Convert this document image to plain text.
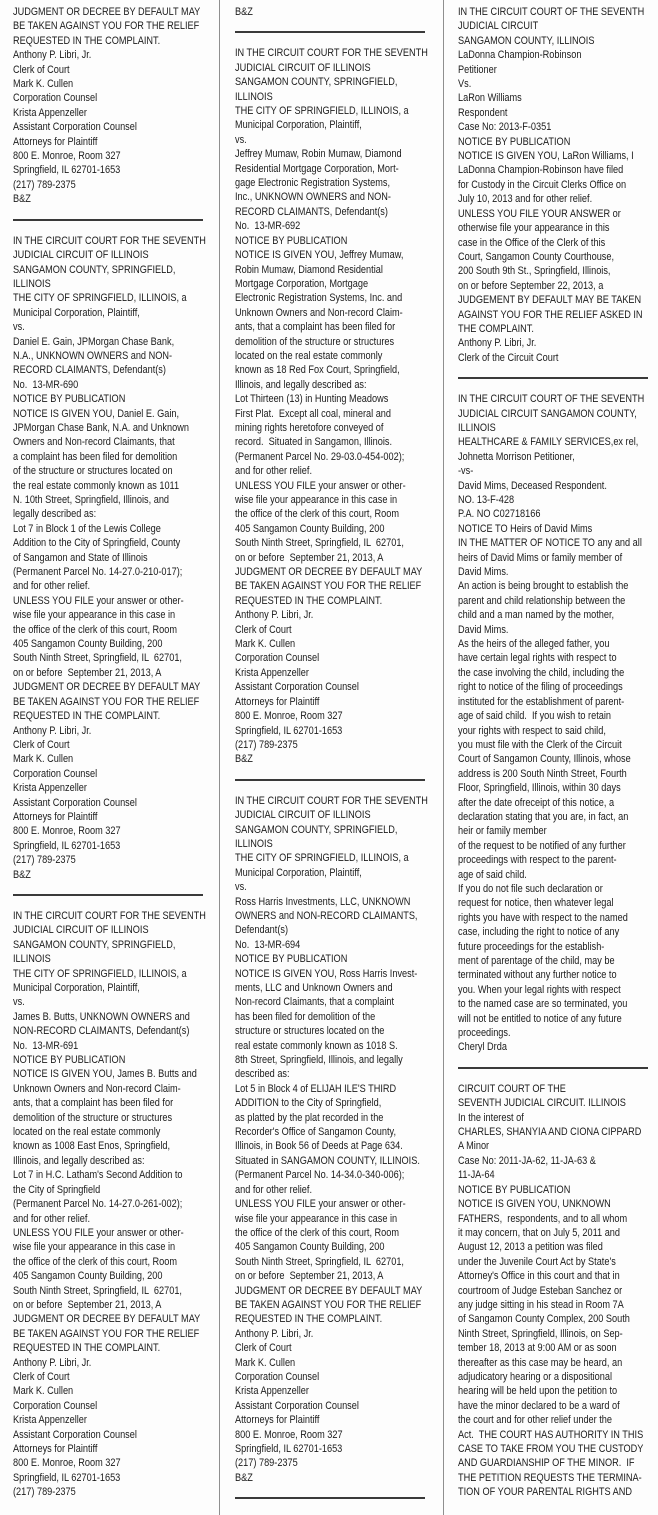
JUDGMENT OR DECREE BY DEFAULT MAY
BE TAKEN AGAINST YOU FOR THE RELIEF
REQUESTED IN THE COMPLAINT.
Anthony P. Libri, Jr.
Clerk of Court
Mark K. Cullen
Corporation Counsel
Krista Appenzeller
Assistant Corporation Counsel
Attorneys for Plaintiff
800 E. Monroe, Room 327
Springfield, IL 62701-1653
(217) 789-2375
B&Z
IN THE CIRCUIT COURT FOR THE SEVENTH
JUDICIAL CIRCUIT OF ILLINOIS
SANGAMON COUNTY, SPRINGFIELD,
ILLINOIS
THE CITY OF SPRINGFIELD, ILLINOIS, a
Municipal Corporation, Plaintiff,
vs.
Daniel E. Gain, JPMorgan Chase Bank,
N.A., UNKNOWN OWNERS and NON-
RECORD CLAIMANTS, Defendant(s)
No.  13-MR-690
NOTICE BY PUBLICATION
NOTICE IS GIVEN YOU, Daniel E. Gain,
JPMorgan Chase Bank, N.A. and Unknown
Owners and Non-record Claimants, that
a complaint has been filed for demolition
of the structure or structures located on
the real estate commonly known as 1011
N. 10th Street, Springfield, Illinois, and
legally described as:
Lot 7 in Block 1 of the Lewis College
Addition to the City of Springfield, County
of Sangamon and State of Illinois
(Permanent Parcel No. 14-27.0-210-017);
and for other relief.
UNLESS YOU FILE your answer or other-
wise file your appearance in this case in
the office of the clerk of this court, Room
405 Sangamon County Building, 200
South Ninth Street, Springfield, IL  62701,
on or before  September 21, 2013, A
JUDGMENT OR DECREE BY DEFAULT MAY
BE TAKEN AGAINST YOU FOR THE RELIEF
REQUESTED IN THE COMPLAINT.
Anthony P. Libri, Jr.
Clerk of Court
Mark K. Cullen
Corporation Counsel
Krista Appenzeller
Assistant Corporation Counsel
Attorneys for Plaintiff
800 E. Monroe, Room 327
Springfield, IL 62701-1653
(217) 789-2375
B&Z
IN THE CIRCUIT COURT FOR THE SEVENTH
JUDICIAL CIRCUIT OF ILLINOIS
SANGAMON COUNTY, SPRINGFIELD,
ILLINOIS
THE CITY OF SPRINGFIELD, ILLINOIS, a
Municipal Corporation, Plaintiff,
vs.
James B. Butts, UNKNOWN OWNERS and
NON-RECORD CLAIMANTS, Defendant(s)
No.  13-MR-691
NOTICE BY PUBLICATION
NOTICE IS GIVEN YOU, James B. Butts and
Unknown Owners and Non-record Claim-
ants, that a complaint has been filed for
demolition of the structure or structures
located on the real estate commonly
known as 1008 East Enos, Springfield,
Illinois, and legally described as:
Lot 7 in H.C. Latham's Second Addition to
the City of Springfield
(Permanent Parcel No. 14-27.0-261-002);
and for other relief.
UNLESS YOU FILE your answer or other-
wise file your appearance in this case in
the office of the clerk of this court, Room
405 Sangamon County Building, 200
South Ninth Street, Springfield, IL  62701,
on or before  September 21, 2013, A
JUDGMENT OR DECREE BY DEFAULT MAY
BE TAKEN AGAINST YOU FOR THE RELIEF
REQUESTED IN THE COMPLAINT.
Anthony P. Libri, Jr.
Clerk of Court
Mark K. Cullen
Corporation Counsel
Krista Appenzeller
Assistant Corporation Counsel
Attorneys for Plaintiff
800 E. Monroe, Room 327
Springfield, IL 62701-1653
(217) 789-2375
B&Z
IN THE CIRCUIT COURT FOR THE SEVENTH
JUDICIAL CIRCUIT OF ILLINOIS
SANGAMON COUNTY, SPRINGFIELD,
ILLINOIS
THE CITY OF SPRINGFIELD, ILLINOIS, a
Municipal Corporation, Plaintiff,
vs.
Jeffrey Mumaw, Robin Mumaw, Diamond
Residential Mortgage Corporation, Mort-
gage Electronic Registration Systems,
Inc., UNKNOWN OWNERS and NON-
RECORD CLAIMANTS, Defendant(s)
No.  13-MR-692
NOTICE BY PUBLICATION
NOTICE IS GIVEN YOU, Jeffrey Mumaw,
Robin Mumaw, Diamond Residential
Mortgage Corporation, Mortgage
Electronic Registration Systems, Inc. and
Unknown Owners and Non-record Claim-
ants, that a complaint has been filed for
demolition of the structure or structures
located on the real estate commonly
known as 18 Red Fox Court, Springfield,
Illinois, and legally described as:
Lot Thirteen (13) in Hunting Meadows
First Plat.  Except all coal, mineral and
mining rights heretofore conveyed of
record.  Situated in Sangamon, Illinois.
(Permanent Parcel No. 29-03.0-454-002);
and for other relief.
UNLESS YOU FILE your answer or other-
wise file your appearance in this case in
the office of the clerk of this court, Room
405 Sangamon County Building, 200
South Ninth Street, Springfield, IL  62701,
on or before  September 21, 2013, A
JUDGMENT OR DECREE BY DEFAULT MAY
BE TAKEN AGAINST YOU FOR THE RELIEF
REQUESTED IN THE COMPLAINT.
Anthony P. Libri, Jr.
Clerk of Court
Mark K. Cullen
Corporation Counsel
Krista Appenzeller
Assistant Corporation Counsel
Attorneys for Plaintiff
800 E. Monroe, Room 327
Springfield, IL 62701-1653
(217) 789-2375
B&Z
IN THE CIRCUIT COURT FOR THE SEVENTH
JUDICIAL CIRCUIT OF ILLINOIS
SANGAMON COUNTY, SPRINGFIELD,
ILLINOIS
THE CITY OF SPRINGFIELD, ILLINOIS, a
Municipal Corporation, Plaintiff,
vs.
Ross Harris Investments, LLC, UNKNOWN
OWNERS and NON-RECORD CLAIMANTS,
Defendant(s)
No.  13-MR-694
NOTICE BY PUBLICATION
NOTICE IS GIVEN YOU, Ross Harris Invest-
ments, LLC and Unknown Owners and
Non-record Claimants, that a complaint
has been filed for demolition of the
structure or structures located on the
real estate commonly known as 1018 S.
8th Street, Springfield, Illinois, and legally
described as:
Lot 5 in Block 4 of ELIJAH ILE'S THIRD
ADDITION to the City of Springfield,
as platted by the plat recorded in the
Recorder's Office of Sangamon County,
Illinois, in Book 56 of Deeds at Page 634.
Situated in SANGAMON COUNTY, ILLINOIS.
(Permanent Parcel No. 14-34.0-340-006);
and for other relief.
UNLESS YOU FILE your answer or other-
wise file your appearance in this case in
the office of the clerk of this court, Room
405 Sangamon County Building, 200
South Ninth Street, Springfield, IL  62701,
on or before  September 21, 2013, A
JUDGMENT OR DECREE BY DEFAULT MAY
BE TAKEN AGAINST YOU FOR THE RELIEF
REQUESTED IN THE COMPLAINT.
Anthony P. Libri, Jr.
Clerk of Court
Mark K. Cullen
Corporation Counsel
Krista Appenzeller
Assistant Corporation Counsel
Attorneys for Plaintiff
800 E. Monroe, Room 327
Springfield, IL 62701-1653
(217) 789-2375
B&Z
IN THE CIRCUIT COURT OF THE SEVENTH
JUDICIAL CIRCUIT
SANGAMON COUNTY, ILLINOIS
LaDonna Champion-Robinson
Petitioner
Vs.
LaRon Williams
Respondent
Case No: 2013-F-0351
NOTICE BY PUBLICATION
NOTICE IS GIVEN YOU, LaRon Williams, I
LaDonna Champion-Robinson have filed
for Custody in the Circuit Clerks Office on
July 10, 2013 and for other relief.
UNLESS YOU FILE YOUR ANSWER or
otherwise file your appearance in this
case in the Office of the Clerk of this
Court, Sangamon County Courthouse,
200 South 9th St., Springfield, Illinois,
on or before September 22, 2013, a
JUDGEMENT BY DEFAULT MAY BE TAKEN
AGAINST YOU FOR THE RELIEF ASKED IN
THE COMPLAINT.
Anthony P. Libri, Jr.
Clerk of the Circuit Court
IN THE CIRCUIT COURT OF THE SEVENTH
JUDICIAL CIRCUIT SANGAMON COUNTY,
ILLINOIS
HEALTHCARE & FAMILY SERVICES,ex rel,
Johnetta Morrison Petitioner,
-vs-
David Mims, Deceased Respondent.
NO. 13-F-428
P.A. NO C02718166
NOTICE TO Heirs of David Mims
IN THE MATTER OF NOTICE TO any and all
heirs of David Mims or family member of
David Mims.
An action is being brought to establish the
parent and child relationship between the
child and a man named by the mother,
David Mims.
As the heirs of the alleged father, you
have certain legal rights with respect to
the case involving the child, including the
right to notice of the filing of proceedings
instituted for the establishment of parent-
age of said child.  If you wish to retain
your rights with respect to said child,
you must file with the Clerk of the Circuit
Court of Sangamon County, Illinois, whose
address is 200 South Ninth Street, Fourth
Floor, Springfield, Illinois, within 30 days
after the date ofreceipt of this notice, a
declaration stating that you are, in fact, an
heir or family member
of the request to be notified of any further
proceedings with respect to the parent-
age of said child.
If you do not file such declaration or
request for notice, then whatever legal
rights you have with respect to the named
case, including the right to notice of any
future proceedings for the establish-
ment of parentage of the child, may be
terminated without any further notice to
you. When your legal rights with respect
to the named case are so terminated, you
will not be entitled to notice of any future
proceedings.
Cheryl Drda
CIRCUIT COURT OF THE
SEVENTH JUDICIAL CIRCUIT. ILLINOIS
In the interest of
CHARLES, SHANYIA AND CIONA CIPPARD
A Minor
Case No: 2011-JA-62, 11-JA-63 &
11-JA-64
NOTICE BY PUBLICATION
NOTICE IS GIVEN YOU, UNKNOWN
FATHERS,  respondents, and to all whom
it may concern, that on July 5, 2011 and
August 12, 2013 a petition was filed
under the Juvenile Court Act by State's
Attorney's Office in this court and that in
courtroom of Judge Esteban Sanchez or
any judge sitting in his stead in Room 7A
of Sangamon County Complex, 200 South
Ninth Street, Springfield, Illinois, on Sep-
tember 18, 2013 at 9:00 AM or as soon
thereafter as this case may be heard, an
adjudicatory hearing or a dispositional
hearing will be held upon the petition to
have the minor declared to be a ward of
the court and for other relief under the
Act.  THE COURT HAS AUTHORITY IN THIS
CASE TO TAKE FROM YOU THE CUSTODY
AND GUARDIANSHIP OF THE MINOR.  IF
THE PETITION REQUESTS THE TERMINA-
TION OF YOUR PARENTAL RIGHTS AND
